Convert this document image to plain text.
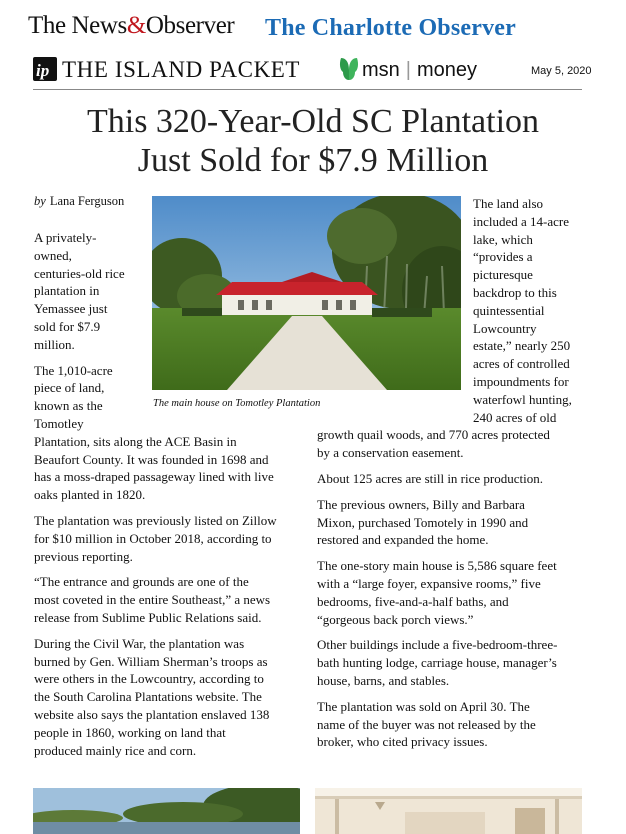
The News&Observer The Charlotte Observer
ip THE ISLAND PACKET	msn | money	May 5, 2020
This 320-Year-Old SC Plantation
Just Sold for $7.9 Million
by Lana Ferguson
The main house on Tomotley Plantation
A privately-
owned,
centuries-old rice
plantation in
Yemassee just
sold for $7.9
million.
The 1,010-acre
piece of land,
known as the
Tomotley
Plantation, sits along the ACE Basin in
Beaufort County. It was founded in 1698 and
has a moss-draped passageway lined with live
oaks planted in 1820.
The plantation was previously listed on Zillow
for $10 million in October 2018, according to
previous reporting.
“The entrance and grounds are one of the
most coveted in the entire Southeast,” a news
release from Sublime Public Relations said.
During the Civil War, the plantation was
burned by Gen. William Sherman’s troops as
were others in the Lowcountry, according to
the South Carolina Plantations website. The
website also says the plantation enslaved 138
people in 1860, working on land that
produced mainly rice and corn.
The land also
included a 14-acre
lake, which
“provides a
picturesque
backdrop to this
quintessential
Lowcountry
estate,” nearly 250
acres of controlled
impoundments for
waterfowl hunting,
240 acres of old
growth quail woods, and 770 acres protected
by a conservation easement.
About 125 acres are still in rice production.
The previous owners, Billy and Barbara
Mixon, purchased Tomotely in 1990 and
restored and expanded the home.
The one-story main house is 5,586 square feet
with a “large foyer, expansive rooms,” five
bedrooms, five-and-a-half baths, and
“gorgeous back porch views.”
Other buildings include a five-bedroom-three-
bath hunting lodge, carriage house, manager’s
house, barns, and stables.
The plantation was sold on April 30. The
name of the buyer was not released by the
broker, who cited privacy issues.
